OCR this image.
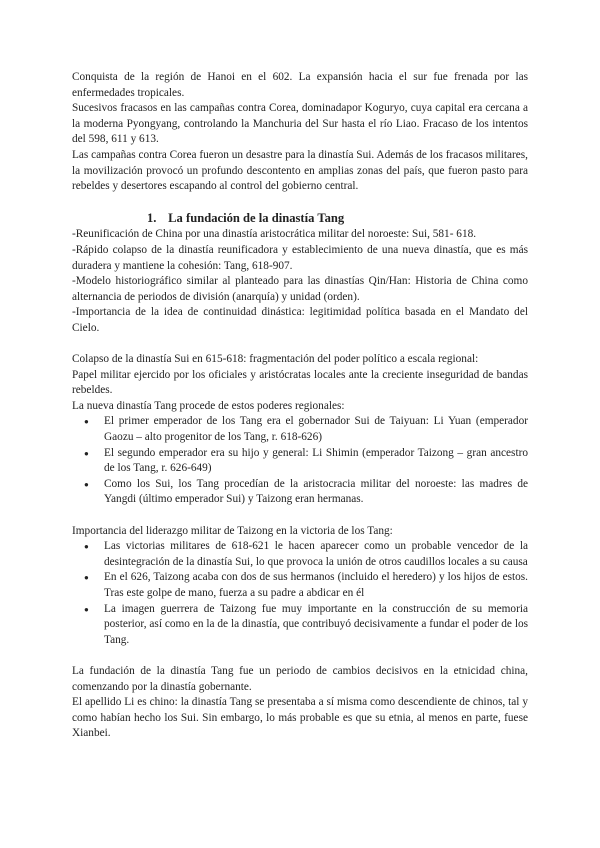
Conquista de la región de Hanoi en el 602. La expansión hacia el sur fue frenada por las enfermedades tropicales.

Sucesivos fracasos en las campañas contra Corea, dominadapor Koguryo, cuya capital era cercana a la moderna Pyongyang, controlando la Manchuria del Sur hasta el río Liao. Fracaso de los intentos del 598, 611 y 613.

Las campañas contra Corea fueron un desastre para la dinastía Sui. Además de los fracasos militares, la movilización provocó un profundo descontento en amplias zonas del país, que fueron pasto para rebeldes y desertores escapando al control del gobierno central.

1. La fundación de la dinastía Tang

-Reunificación de China por una dinastía aristocrática militar del noroeste: Sui, 581- 618.

-Rápido colapso de la dinastía reunificadora y establecimiento de una nueva dinastía, que es más duradera y mantiene la cohesión: Tang, 618-907.

-Modelo historiográfico similar al planteado para las dinastías Qin/Han: Historia de China como alternancia de periodos de división (anarquía) y unidad (orden).

-Importancia de la idea de continuidad dinástica: legitimidad política basada en el Mandato del Cielo.

Colapso de la dinastía Sui en 615-618: fragmentación del poder político a escala regional:

Papel militar ejercido por los oficiales y aristócratas locales ante la creciente inseguridad de bandas rebeldes.

La nueva dinastía Tang procede de estos poderes regionales:

● El primer emperador de los Tang era el gobernador Sui de Taiyuan: Li Yuan (emperador Gaozu – alto progenitor de los Tang, r. 618-626)
● El segundo emperador era su hijo y general: Li Shimin (emperador Taizong – gran ancestro de los Tang, r. 626-649)
● Como los Sui, los Tang procedían de la aristocracia militar del noroeste: las madres de Yangdi (último emperador Sui) y Taizong eran hermanas.

Importancia del liderazgo militar de Taizong en la victoria de los Tang:

● Las victorias militares de 618-621 le hacen aparecer como un probable vencedor de la desintegración de la dinastía Sui, lo que provoca la unión de otros caudillos locales a su causa
● En el 626, Taizong acaba con dos de sus hermanos (incluido el heredero) y los hijos de estos. Tras este golpe de mano, fuerza a su padre a abdicar en él
● La imagen guerrera de Taizong fue muy importante en la construcción de su memoria posterior, así como en la de la dinastía, que contribuyó decisivamente a fundar el poder de los Tang.

La fundación de la dinastía Tang fue un periodo de cambios decisivos en la etnicidad china, comenzando por la dinastía gobernante.

El apellido Li es chino: la dinastía Tang se presentaba a sí misma como descendiente de chinos, tal y como habían hecho los Sui. Sin embargo, lo más probable es que su etnia, al menos en parte, fuese Xianbei.
